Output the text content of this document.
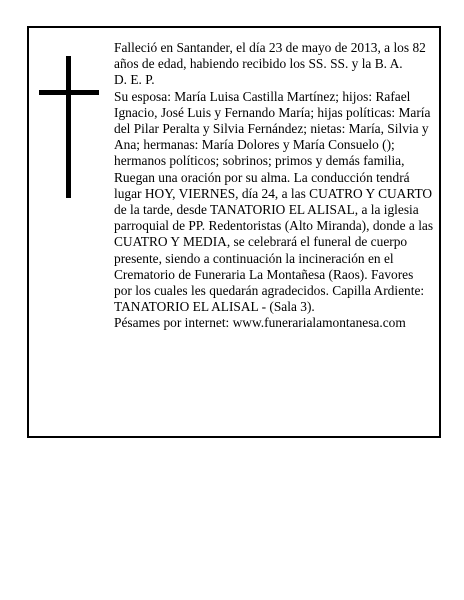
Falleció en Santander, el día 23 de mayo de 2013, a los 82 años de edad, habiendo recibido los SS. SS. y la B. A.

D. E. P.

Su esposa: María Luisa Castilla Martínez; hijos: Rafael Ignacio, José Luis y Fernando María; hijas políticas: María del Pilar Peralta y Silvia Fernández; nietas: María, Silvia y Ana; hermanas: María Dolores y María Consuelo (); hermanos políticos; sobrinos; primos y demás familia,

Ruegan una oración por su alma. La conducción tendrá lugar HOY, VIERNES, día 24, a las CUATRO Y CUARTO de la tarde, desde TANATORIO EL ALISAL, a la iglesia parroquial de PP. Redentoristas (Alto Miranda), donde a las CUATRO Y MEDIA, se celebrará el funeral de cuerpo presente, siendo a continuación la incineración en el Crematorio de Funeraria La Montañesa (Raos). Favores por los cuales les quedarán agradecidos. Capilla Ardiente: TANATORIO EL ALISAL - (Sala 3).

Pésames por internet: www.funerarialamontanesa.com
